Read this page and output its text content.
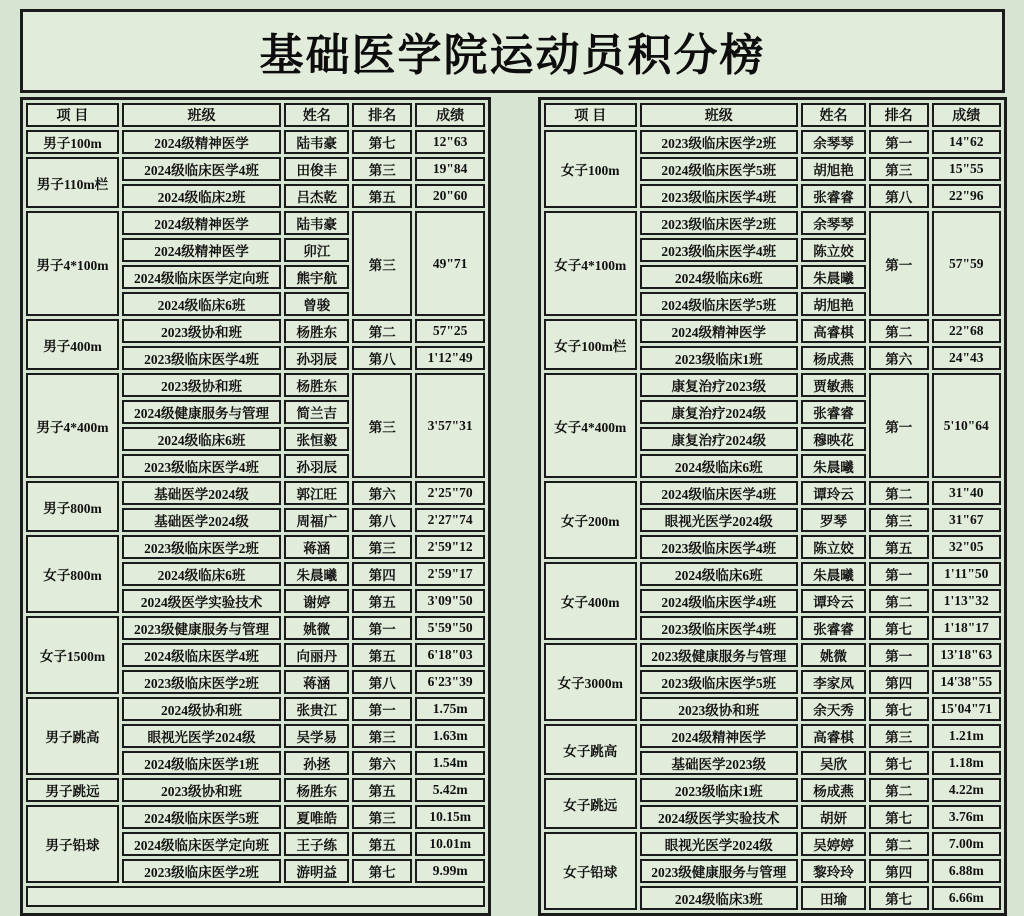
基础医学院运动员积分榜
项 目	班级	姓名	排名	成绩
男子100m	2024级精神医学	陆韦豪	第七	12"63
男子110m栏	2024级临床医学4班	田俊丰	第三	19"84
	2024级临床2班	吕杰乾	第五	20"60
男子4*100m	2024级精神医学	陆韦豪	第三	49"71
	2024级精神医学	卯江		
	2024级临床医学定向班	熊宇航		
	2024级临床6班	曾骏		
男子400m	2023级协和班	杨胜东	第二	57"25
	2023级临床医学4班	孙羽辰	第八	1'12"49
男子4*400m	2023级协和班	杨胜东	第三	3'57"31
	2024级健康服务与管理	简兰吉		
	2024级临床6班	张恒毅		
	2023级临床医学4班	孙羽辰		
男子800m	基础医学2024级	郭江旺	第六	2'25"70
	基础医学2024级	周福广	第八	2'27"74
女子800m	2023级临床医学2班	蒋涵	第三	2'59"12
	2024级临床6班	朱晨曦	第四	2'59"17
	2024级医学实验技术	谢婷	第五	3'09"50
女子1500m	2023级健康服务与管理	姚微	第一	5'59"50
	2024级临床医学4班	向丽丹	第五	6'18"03
	2023级临床医学2班	蒋涵	第八	6'23"39
男子跳高	2024级协和班	张贵江	第一	1.75m
	眼视光医学2024级	吴学易	第三	1.63m
	2024级临床医学1班	孙拯	第六	1.54m
男子跳远	2023级协和班	杨胜东	第五	5.42m
男子铅球	2024级临床医学5班	夏唯皓	第三	10.15m
	2024级临床医学定向班	王子练	第五	10.01m
	2023级临床医学2班	游明益	第七	9.99m

项 目	班级	姓名	排名	成绩
女子100m	2023级临床医学2班	余琴琴	第一	14"62
	2024级临床医学5班	胡旭艳	第三	15"55
	2023级临床医学4班	张睿睿	第八	22"96
女子4*100m	2023级临床医学2班	余琴琴	第一	57"59
	2023级临床医学4班	陈立姣		
	2024级临床6班	朱晨曦		
	2024级临床医学5班	胡旭艳		
女子100m栏	2024级精神医学	高睿棋	第二	22"68
	2023级临床1班	杨成燕	第六	24"43
女子4*400m	康复治疗2023级	贾敏燕	第一	5'10"64
	康复治疗2024级	张睿睿		
	康复治疗2024级	穆映花		
	2024级临床6班	朱晨曦		
女子200m	2024级临床医学4班	谭玲云	第二	31"40
	眼视光医学2024级	罗琴	第三	31"67
	2023级临床医学4班	陈立姣	第五	32"05
女子400m	2024级临床6班	朱晨曦	第一	1'11"50
	2024级临床医学4班	谭玲云	第二	1'13"32
	2023级临床医学4班	张睿睿	第七	1'18"17
女子3000m	2023级健康服务与管理	姚微	第一	13'18"63
	2023级临床医学5班	李家凤	第四	14'38"55
	2023级协和班	余天秀	第七	15'04"71
女子跳高	2024级精神医学	高睿棋	第三	1.21m
	基础医学2023级	吴欣	第七	1.18m
女子跳远	2023级临床1班	杨成燕	第二	4.22m
	2024级医学实验技术	胡妍	第七	3.76m
女子铅球	眼视光医学2024级	吴婷婷	第二	7.00m
	2023级健康服务与管理	黎玲玲	第四	6.88m
	2024级临床3班	田瑜	第七	6.66m
